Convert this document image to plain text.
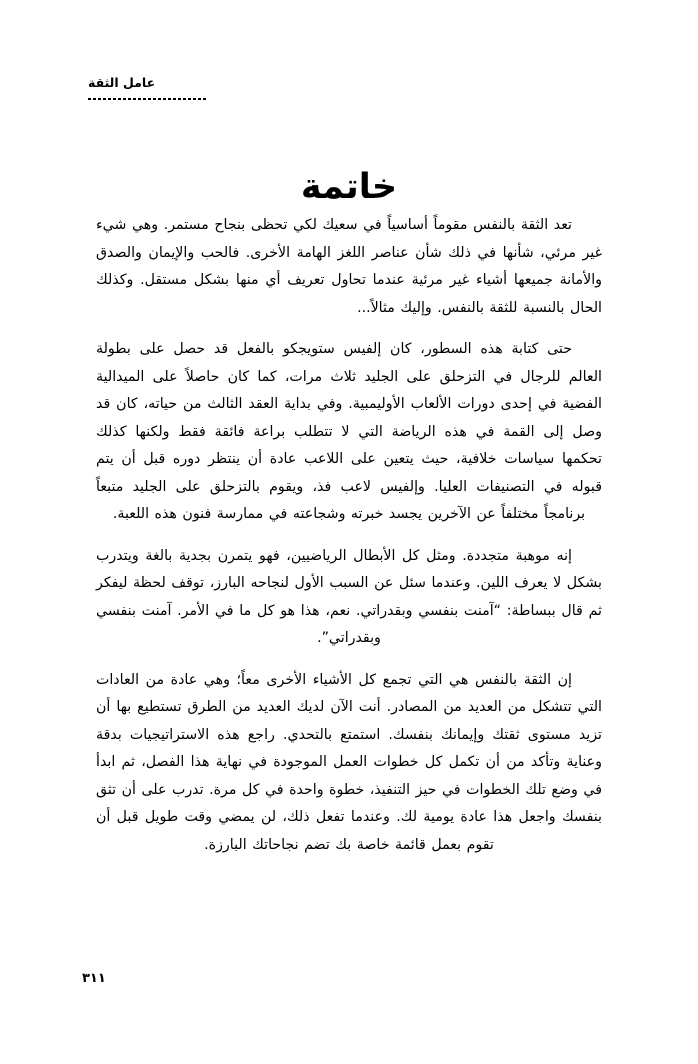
عامل الثقة
خاتمة

تعد الثقة بالنفس مقوماً أساسياً في سعيك لكي تحظى بنجاح مستمر. وهي شيء غير مرئي، شأنها في ذلك شأن عناصر اللغز الهامة الأخرى. فالحب والإيمان والصدق والأمانة جميعها أشياء غير مرئية عندما تحاول تعريف أي منها بشكل مستقل. وكذلك الحال بالنسبة للثقة بالنفس. وإليك مثالاً...

حتى كتابة هذه السطور، كان إلفيس ستويجكو بالفعل قد حصل على بطولة العالم للرجال في التزحلق على الجليد ثلاث مرات، كما كان حاصلاً على الميدالية الفضية في إحدى دورات الألعاب الأوليمبية. وفي بداية العقد الثالث من حياته، كان قد وصل إلى القمة في هذه الرياضة التي لا تتطلب براعة فائقة فقط ولكنها كذلك تحكمها سياسات خلافية، حيث يتعين على اللاعب عادة أن ينتظر دوره قبل أن يتم قبوله في التصنيفات العليا. وإلفيس لاعب فذ، ويقوم بالتزحلق على الجليد متبعاً برنامجاً مختلفاً عن الآخرين يجسد خبرته وشجاعته في ممارسة فنون هذه اللعبة.

إنه موهبة متجددة. ومثل كل الأبطال الرياضيين، فهو يتمرن بجدية بالغة ويتدرب بشكل لا يعرف اللين. وعندما سئل عن السبب الأول لنجاحه البارز، توقف لحظة ليفكر ثم قال ببساطة: “آمنت بنفسي وبقدراتي. نعم، هذا هو كل ما في الأمر. آمنت بنفسي وبقدراتي”.

إن الثقة بالنفس هي التي تجمع كل الأشياء الأخرى معاً؛ وهي عادة من العادات التي تتشكل من العديد من المصادر. أنت الآن لديك العديد من الطرق تستطيع بها أن تزيد مستوى ثقتك وإيمانك بنفسك. استمتع بالتحدي. راجع هذه الاستراتيجيات بدقة وعناية وتأكد من أن تكمل كل خطوات العمل الموجودة في نهاية هذا الفصل، ثم ابدأ في وضع تلك الخطوات في حيز التنفيذ، خطوة واحدة في كل مرة. تدرب على أن تثق بنفسك واجعل هذا عادة يومية لك. وعندما تفعل ذلك، لن يمضي وقت طويل قبل أن تقوم بعمل قائمة خاصة بك تضم نجاحاتك البارزة.

٣١١
